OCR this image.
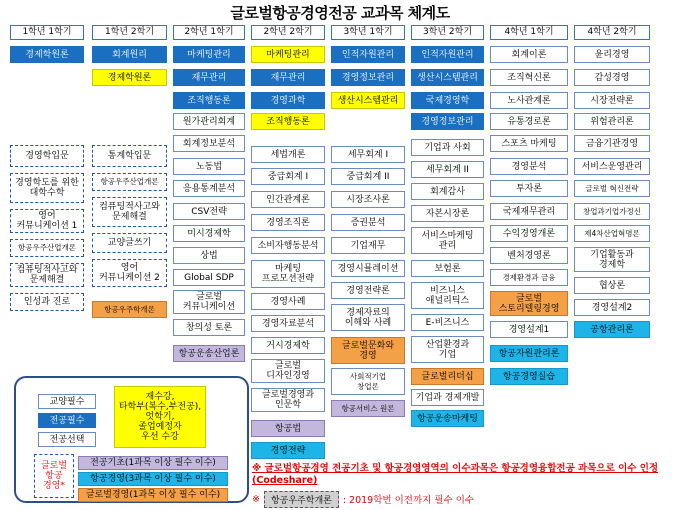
글로벌항공경영전공 교과목 체계도
1학년 1학기	1학년 2학기	2학년 1학기	2학년 2학기	3학년 1학기	3학년 2학기	4학년 1학기	4학년 2학기
경제학원론
경영학입문
경영학도를 위한 대학수학
영어
커뮤니케이션 1
항공우주산업개론
컴퓨팅적사고와
문제해결
인성과 진로
회계원리
경제학원론
통계학입문
항공우주산업개론
컴퓨팅적사고와
문제해결
교양글쓰기
영어
커뮤니케이션 2
항공우주학개론
마케팅관리
재무관리
조직행동론
원가관리회계
회계정보분석
노동법
응용통계분석
CSV전략
미시경제학
상법
Global SDP
글로벌
커뮤니케이션
창의성 토론
항공운송산업론
마케팅관리
재무관리
경영과학
조직행동론
세법개론
중급회계 I
인간관계론
경영조직론
소비자행동분석
마케팅
프로모션전략
경영사례
경영자료분석
거시경제학
글로벌
디자인경영
글로벌경영과
인문학
항공법
경영전략
인적자원관리
경영정보관리
생산시스템관리
세무회계 I
중급회계 II
시장조사론
증권분석
기업재무
경영시뮬레이션
경영전략론
경제자료의
이해와 사례
글로벌문화와
경영
사회적기업
창업론
항공서비스 원론
인적자원관리
생산시스템관리
국제경영학
경영정보관리
기업과 사회
세무회계 II
회계감사
자본시장론
서비스마케팅
관리
보험론
비즈니스
애널리틱스
E-비즈니스
산업환경과
기업
글로벌리더십
기업과 경제개발
항공운송마케팅
회계이론
조직혁신론
노사관계론
유통경로론
스포츠 마케팅
경영분석
투자론
국제재무관리
수익경영개론
벤처경영론
경제환경과 금융
글로벌
스토리텔링경영
경영설계1
항공자원관리론
항공경영실습
윤리경영
감성경영
시장전략론
위험관리론
금융기관경영
서비스운영관리
글로벌 혁신전략
창업과기업가정신
제4차산업혁명론
기업활동과
경제학
협상론
경영설계2
공항관리론
교양필수
전공필수
전공선택
재수강,
타학부(복수,부전공),
엇학기,
졸업예정자
우선 수강
글로벌
항공
경영*
전공기초(1과목 이상 필수 이수)
항공경영(3과목 이상 필수 이수)
글로벌경영(1과목 이상 필수 이수)
※ 글로벌항공경영 전공기초 및 항공경영영역의 이수과목은 항공경영융합전공 과목으로 이수 인정 (Codeshare)
※	항공우주학개론	: 2019학번 이전까지 필수 이수
